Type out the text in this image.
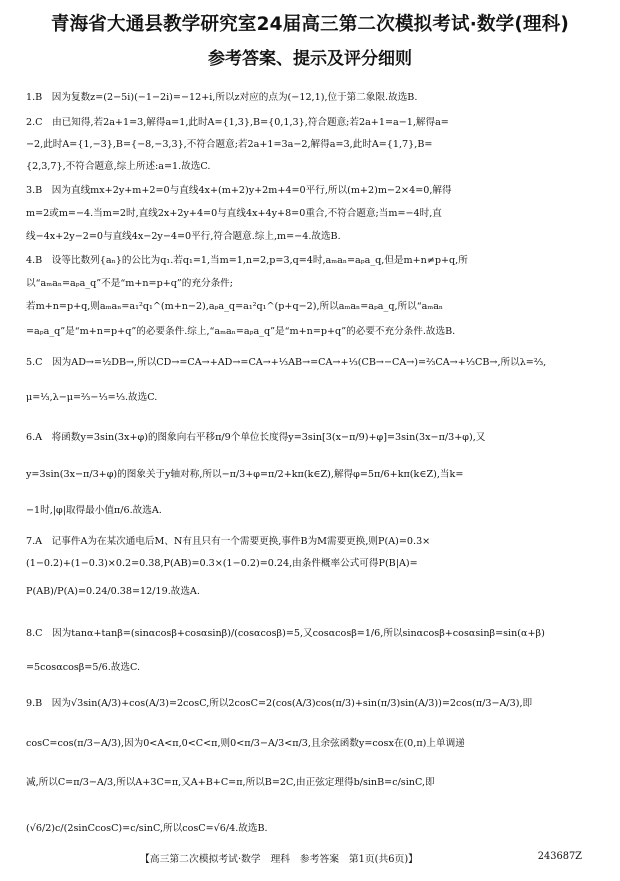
青海省大通县教学研究室24届高三第二次模拟考试·数学(理科)
参考答案、提示及评分细则
1.B　因为复数z=(2−5i)(−1−2i)=−12+i,所以z对应的点为(−12,1),位于第二象限.故选B.
2.C　由已知得,若2a+1=3,解得a=1,此时A={1,3},B={0,1,3},符合题意;若2a+1=a−1,解得a=
−2,此时A={1,−3},B={−8,−3,3},不符合题意;若2a+1=3a−2,解得a=3,此时A={1,7},B=
{2,3,7},不符合题意,综上所述:a=1.故选C.
3.B　因为直线mx+2y+m+2=0与直线4x+(m+2)y+2m+4=0平行,所以(m+2)m−2×4=0,解得
m=2或m=−4.当m=2时,直线2x+2y+4=0与直线4x+4y+8=0重合,不符合题意;当m=−4时,直
线−4x+2y−2=0与直线4x−2y−4=0平行,符合题意.综上,m=−4.故选B.
4.B　设等比数列{aₙ}的公比为q₁.若q₁=1,当m=1,n=2,p=3,q=4时,aₘaₙ=aₚa_q,但是m+n≠p+q,所
以“aₘaₙ=aₚa_q”不是“m+n=p+q”的充分条件;
若m+n=p+q,则aₘaₙ=a₁²q₁^(m+n−2),aₚa_q=a₁²q₁^(p+q−2),所以aₘaₙ=aₚa_q,所以“aₘaₙ
=aₚa_q”是“m+n=p+q”的必要条件.综上,“aₘaₙ=aₚa_q”是“m+n=p+q”的必要不充分条件.故选B.
5.C　因为AD→=½DB→,所以CD→=CA→+AD→=CA→+⅓AB→=CA→+⅓(CB→−CA→)=⅔CA→+⅓CB→,所以λ=⅔,
μ=⅓,λ−μ=⅔−⅓=⅓.故选C.
6.A　将函数y=3sin(3x+φ)的图象向右平移π/9个单位长度得y=3sin[3(x−π/9)+φ]=3sin(3x−π/3+φ),又
y=3sin(3x−π/3+φ)的图象关于y轴对称,所以−π/3+φ=π/2+kπ(k∈Z),解得φ=5π/6+kπ(k∈Z),当k=
−1时,|φ|取得最小值π/6.故选A.
7.A　记事件A为在某次通电后M、N有且只有一个需要更换,事件B为M需要更换,则P(A)=0.3×
(1−0.2)+(1−0.3)×0.2=0.38,P(AB)=0.3×(1−0.2)=0.24,由条件概率公式可得P(B|A)=
P(AB)/P(A)=0.24/0.38=12/19.故选A.
8.C　因为tanα+tanβ=(sinαcosβ+cosαsinβ)/(cosαcosβ)=5,又cosαcosβ=1/6,所以sinαcosβ+cosαsinβ=sin(α+β)
=5cosαcosβ=5/6.故选C.
9.B　因为√3sin(A/3)+cos(A/3)=2cosC,所以2cosC=2(cos(A/3)cos(π/3)+sin(π/3)sin(A/3))=2cos(π/3−A/3),即
cosC=cos(π/3−A/3),因为0<A<π,0<C<π,则0<π/3−A/3<π/3,且余弦函数y=cosx在(0,π)上单调递
减,所以C=π/3−A/3,所以A+3C=π,又A+B+C=π,所以B=2C,由正弦定理得b/sinB=c/sinC,即
(√6/2)c/(2sinCcosC)=c/sinC,所以cosC=√6/4.故选B.
【高三第二次模拟考试·数学　理科　参考答案　第1页(共6页)】	243687Z
